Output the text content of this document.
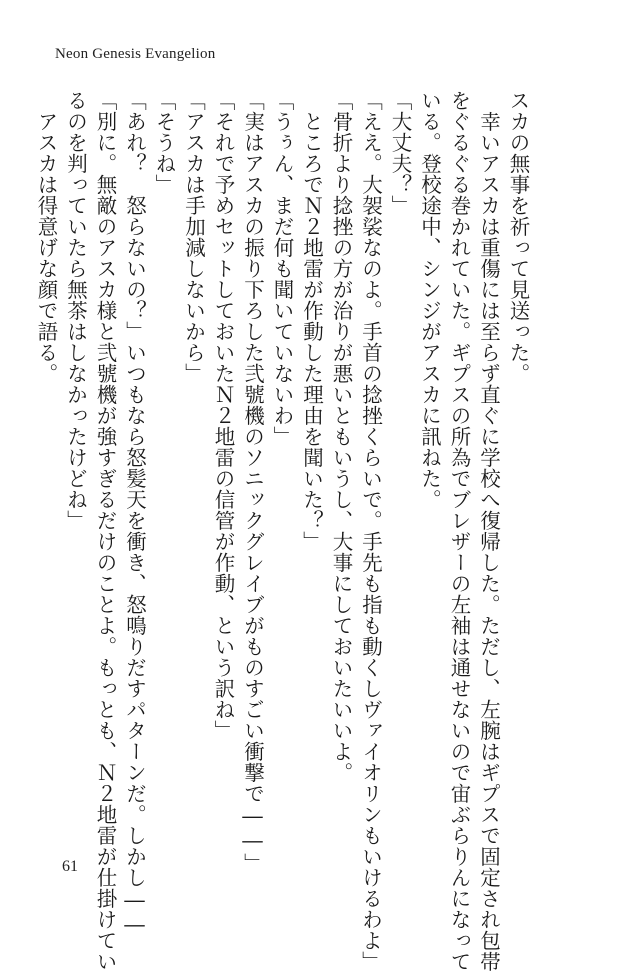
Neon Genesis Evangelion
スカの無事を祈って見送った。
　幸いアスカは重傷には至らず直ぐに学校へ復帰した。ただし、左腕はギプスで固定され包帯
をぐるぐる巻かれていた。ギプスの所為でブレザーの左袖は通せないので宙ぶらりんになって
いる。登校途中、シンジがアスカに訊ねた。
「大丈夫？」
「ええ。大袈裟なのよ。手首の捻挫くらいで。手先も指も動くしヴァイオリンもいけるわよ」
「骨折より捻挫の方が治りが悪いともいうし、大事にしておいたいいよ。
　ところでＮ２地雷が作動した理由を聞いた？」
「うぅん、まだ何も聞いていないわ」
「実はアスカの振り下ろした弐號機のソニックグレイブがものすごい衝撃で――」
「それで予めセットしておいたＮ２地雷の信管が作動、という訳ね」
「アスカは手加減しないから」
「そうね」
「あれ？　怒らないの？」いつもなら怒髪天を衝き、怒鳴りだすパターンだ。しかし――
「別に。無敵のアスカ様と弐號機が強すぎるだけのことよ。もっとも、Ｎ２地雷が仕掛けてい
るのを判っていたら無茶はしなかったけどね」
　アスカは得意げな顔で語る。
61
